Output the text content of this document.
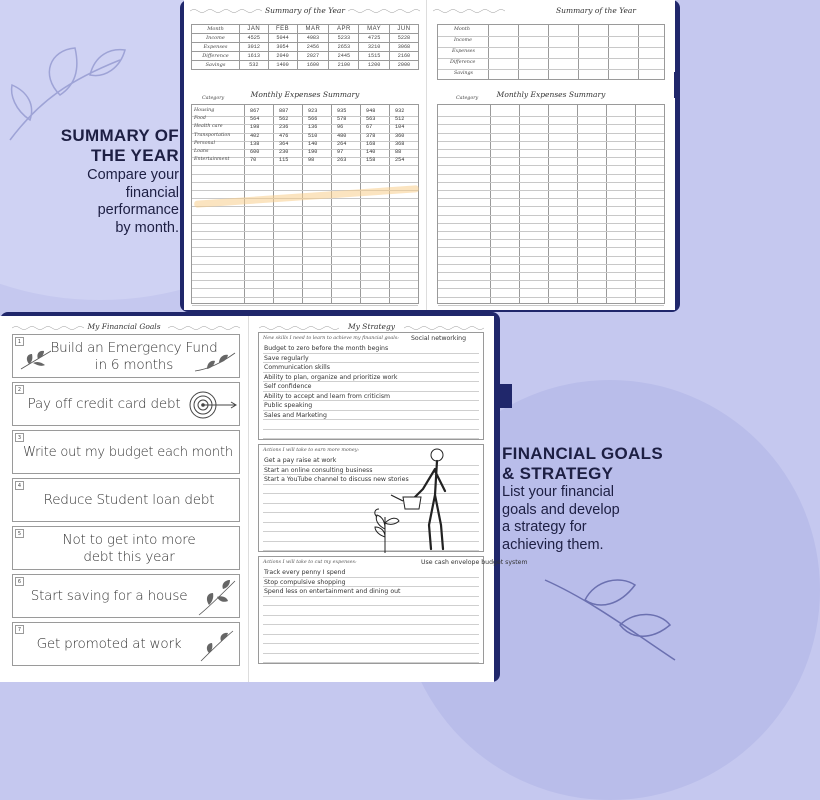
Summary of the Year
Month	JAN	FEB	MAR	APR	MAY	JUN
Income	4525	5044	4983	5233	4725	5228
Expenses	3012	3054	2456	2653	3210	3068
Difference	1613	2040	2027	2445	1515	2160
Savings	532	1400	1600	2100	1200	2000
Monthly Expenses Summary
Category
Housing	867	887	923	935	948	932
Food	564	562	566	578	563	512
Health care	198	236	136	96	67	104
Transportation	402	476	510	480	378	360
Personal	138	364	140	264	168	368
Loans	600	230	190	97	140	88
Entertainment	70	115	98	263	158	254
Summary of the Year
Month
Income
Expenses
Difference
Savings
Monthly Expenses Summary
Category
SUMMARY OF
THE YEAR
Compare your
financial
performance
by month.
My Financial Goals
1	Build an Emergency Fund
in 6 months
2
Pay off credit card debt
3
Write out my budget each month
4
Reduce Student loan debt
5	Not to get into more
debt this year
6
Start saving for a house
7
Get promoted at work
My Strategy
New skills I need to learn to achieve my financial goals: Social networking
Budget to zero before the month begins
Save regularly
Communication skills
Ability to plan, organize and prioritize work
Self confidence
Ability to accept and learn from criticism
Public speaking
Sales and Marketing
Actions I will take to earn more money:
Get a pay raise at work
Start an online consulting business
Start a YouTube channel to discuss new stories
Actions I will take to cut my expenses:	Use cash envelope budget system
Track every penny I spend
Stop compulsive shopping
Spend less on entertainment and dining out
FINANCIAL GOALS
& STRATEGY
List your financial
goals and develop
a strategy for
achieving them.
